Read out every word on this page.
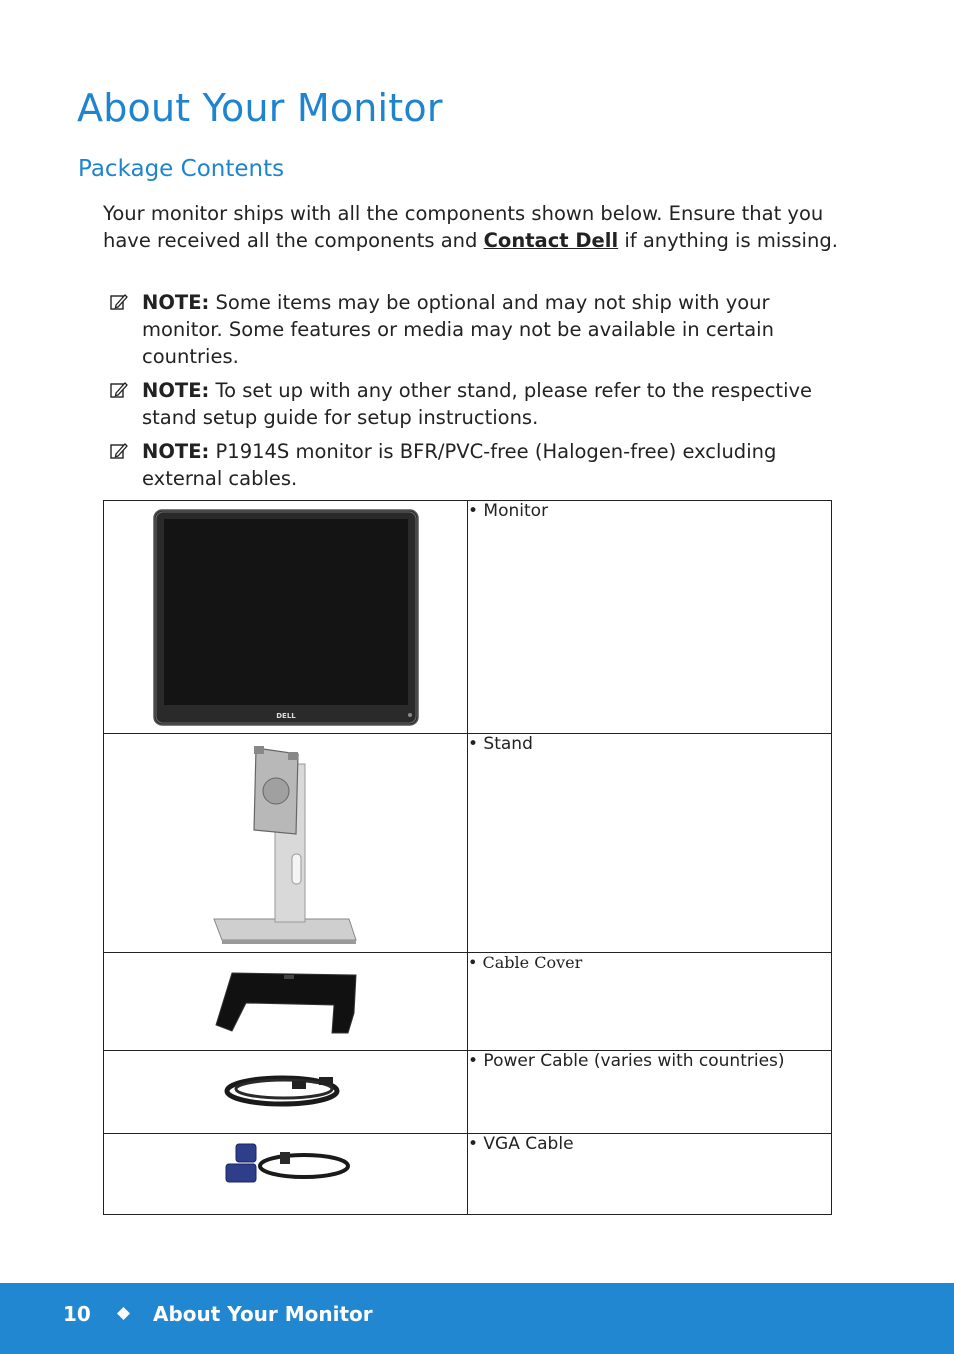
About Your Monitor
Package Contents

Your monitor ships with all the components shown below. Ensure that you have received all the components and Contact Dell if anything is missing.

NOTE: Some items may be optional and may not ship with your monitor. Some features or media may not be available in certain countries.
NOTE: To set up with any other stand, please refer to the respective stand setup guide for setup instructions.
NOTE: P1914S monitor is BFR/PVC-free (Halogen-free) excluding external cables.
DELL	• Monitor
	• Stand
	• Cable Cover
	• Power Cable (varies with countries)
	• VGA Cable
10	About Your Monitor
